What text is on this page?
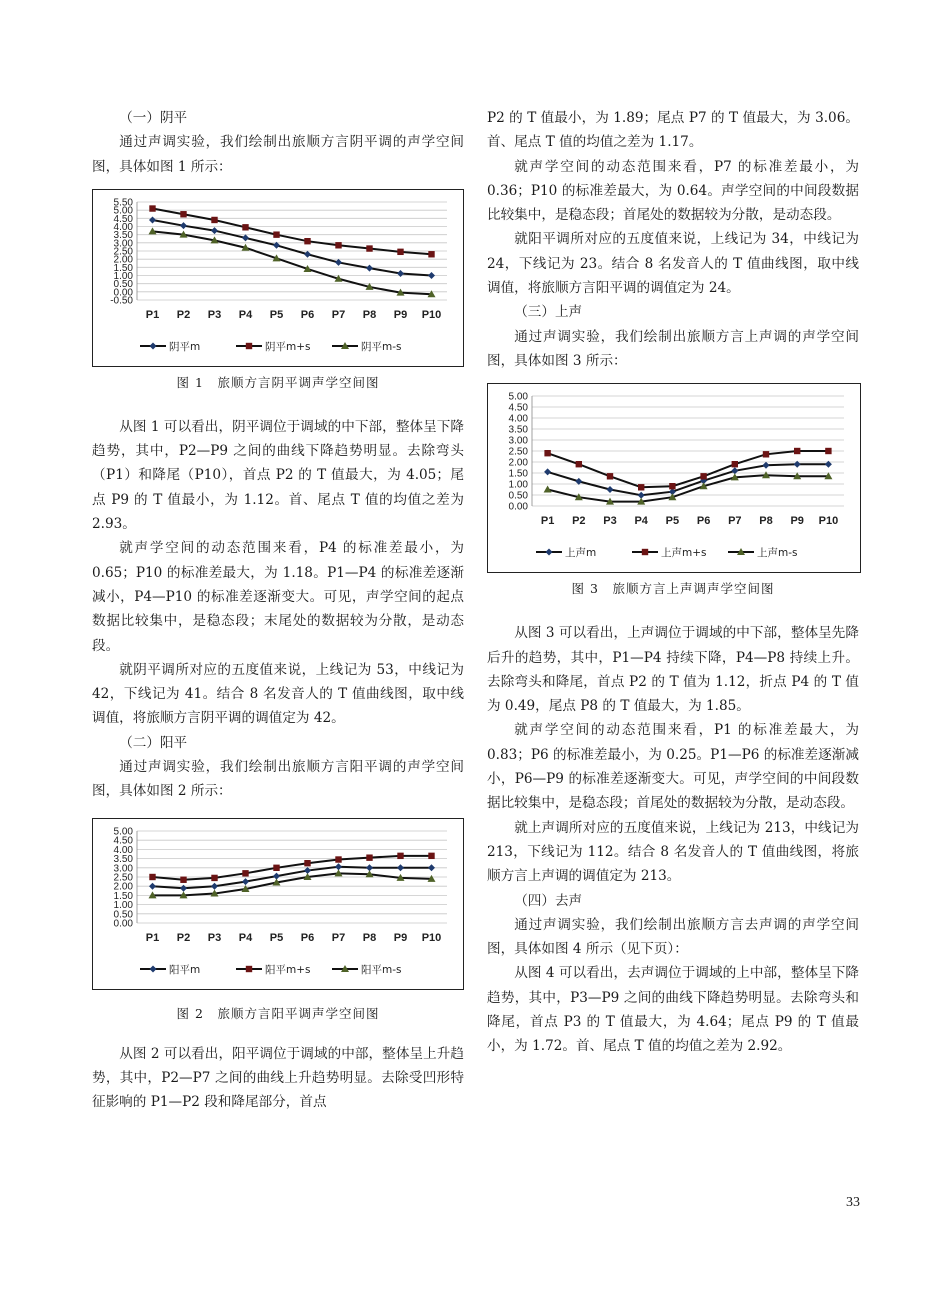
（一）阴平

通过声调实验，我们绘制出旅顺方言阴平调的声学空间图，具体如图 1 所示：

5.50
5.00
4.50
4.00
3.50
3.00
2.50
2.00
1.50
1.00
0.50
0.00
-0.50
P1 P2 P3 P4 P5 P6 P7 P8 P9 P10
阴平m	阴平m+s	阴平m-s
图 1　旅顺方言阴平调声学空间图

从图 1 可以看出，阴平调位于调域的中下部，整体呈下降趋势，其中，P2—P9 之间的曲线下降趋势明显。去除弯头（P1）和降尾（P10），首点 P2 的 T 值最大，为 4.05；尾点 P9 的 T 值最小，为 1.12。首、尾点 T 值的均值之差为 2.93。

就声学空间的动态范围来看，P4 的标准差最小，为 0.65；P10 的标准差最大，为 1.18。P1—P4 的标准差逐渐减小，P4—P10 的标准差逐渐变大。可见，声学空间的起点数据比较集中，是稳态段；末尾处的数据较为分散，是动态段。

就阴平调所对应的五度值来说，上线记为 53，中线记为 42，下线记为 41。结合 8 名发音人的 T 值曲线图，取中线调值，将旅顺方言阴平调的调值定为 42。

（二）阳平

通过声调实验，我们绘制出旅顺方言阳平调的声学空间图，具体如图 2 所示：

5.00
4.50
4.00
3.50
3.00
2.50
2.00
1.50
1.00
0.50
0.00
P1 P2 P3 P4 P5 P6 P7 P8 P9 P10
阳平m	阳平m+s	阳平m-s
图 2　旅顺方言阳平调声学空间图

从图 2 可以看出，阳平调位于调域的中部，整体呈上升趋势，其中，P2—P7 之间的曲线上升趋势明显。去除受凹形特征影响的 P1—P2 段和降尾部分，首点

P2 的 T 值最小，为 1.89；尾点 P7 的 T 值最大，为 3.06。首、尾点 T 值的均值之差为 1.17。

就声学空间的动态范围来看，P7 的标准差最小，为 0.36；P10 的标准差最大，为 0.64。声学空间的中间段数据比较集中，是稳态段；首尾处的数据较为分散，是动态段。

就阳平调所对应的五度值来说，上线记为 34，中线记为 24，下线记为 23。结合 8 名发音人的 T 值曲线图，取中线调值，将旅顺方言阳平调的调值定为 24。

（三）上声

通过声调实验，我们绘制出旅顺方言上声调的声学空间图，具体如图 3 所示：

5.00
4.50
4.00
3.50
3.00
2.50
2.00
1.50
1.00
0.50
0.00
P1 P2 P3 P4 P5 P6 P7 P8 P9 P10
上声m	上声m+s	上声m-s
图 3　旅顺方言上声调声学空间图

从图 3 可以看出，上声调位于调域的中下部，整体呈先降后升的趋势，其中，P1—P4 持续下降，P4—P8 持续上升。去除弯头和降尾，首点 P2 的 T 值为 1.12，折点 P4 的 T 值为 0.49，尾点 P8 的 T 值最大，为 1.85。

就声学空间的动态范围来看，P1 的标准差最大，为 0.83；P6 的标准差最小，为 0.25。P1—P6 的标准差逐渐减小，P6—P9 的标准差逐渐变大。可见，声学空间的中间段数据比较集中，是稳态段；首尾处的数据较为分散，是动态段。

就上声调所对应的五度值来说，上线记为 213，中线记为 213，下线记为 112。结合 8 名发音人的 T 值曲线图，将旅顺方言上声调的调值定为 213。

（四）去声

通过声调实验，我们绘制出旅顺方言去声调的声学空间图，具体如图 4 所示（见下页）：

从图 4 可以看出，去声调位于调域的上中部，整体呈下降趋势，其中，P3—P9 之间的曲线下降趋势明显。去除弯头和降尾，首点 P3 的 T 值最大，为 4.64；尾点 P9 的 T 值最小，为 1.72。首、尾点 T 值的均值之差为 2.92。

33
